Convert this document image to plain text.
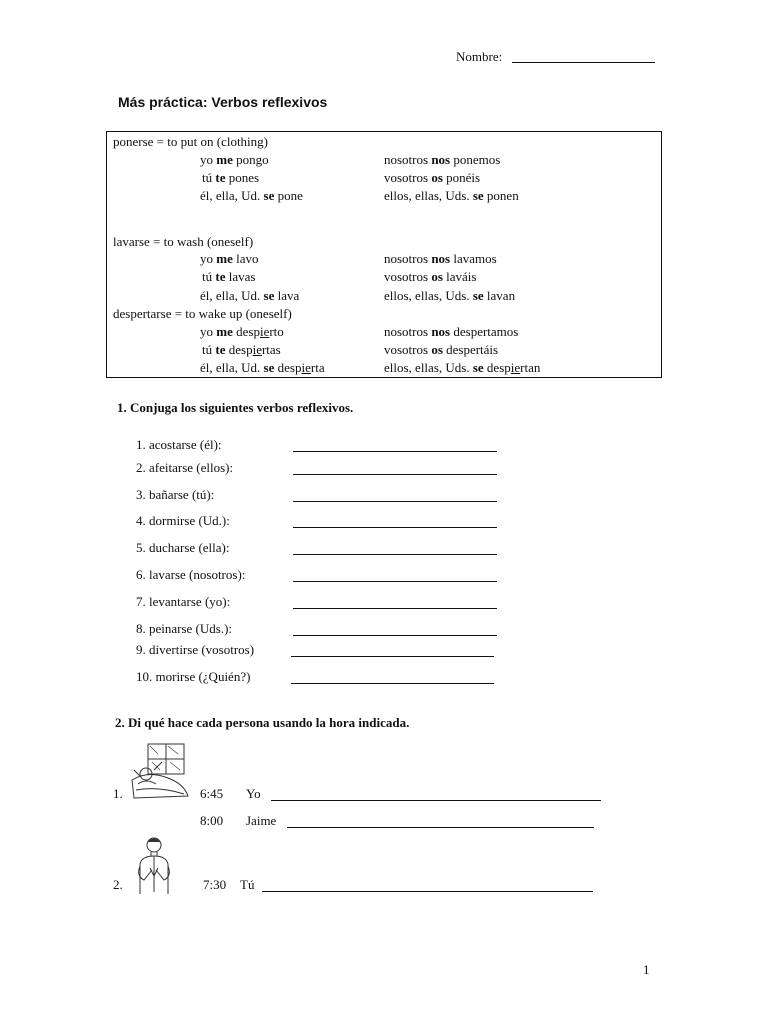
Nombre:
Más práctica: Verbos reflexivos
ponerse = to put on (clothing)
yo me pongo	nosotros nos ponemos
tú te pones	vosotros os ponéis
él, ella, Ud. se pone	ellos, ellas, Uds. se ponen
lavarse = to wash (oneself)
yo me lavo	nosotros nos lavamos
tú te lavas	vosotros os laváis
él, ella, Ud. se lava	ellos, ellas, Uds. se lavan
despertarse = to wake up (oneself)
yo me despierto	nosotros nos despertamos
tú te despiertas	vosotros os despertáis
él, ella, Ud. se despierta	ellos, ellas, Uds. se despiertan
1. Conjuga los siguientes verbos reflexivos.
1. acostarse (él):
2. afeitarse (ellos):
3. bañarse (tú):
4. dormirse (Ud.):
5. ducharse (ella):
6. lavarse (nosotros):
7. levantarse (yo):
8. peinarse (Uds.):
9. divertirse (vosotros)
10. morirse (¿Quién?)
2. Di qué hace cada persona usando la hora indicada.
1.	6:45 Yo
8:00 Jaime
2.	7:30 Tú
1
